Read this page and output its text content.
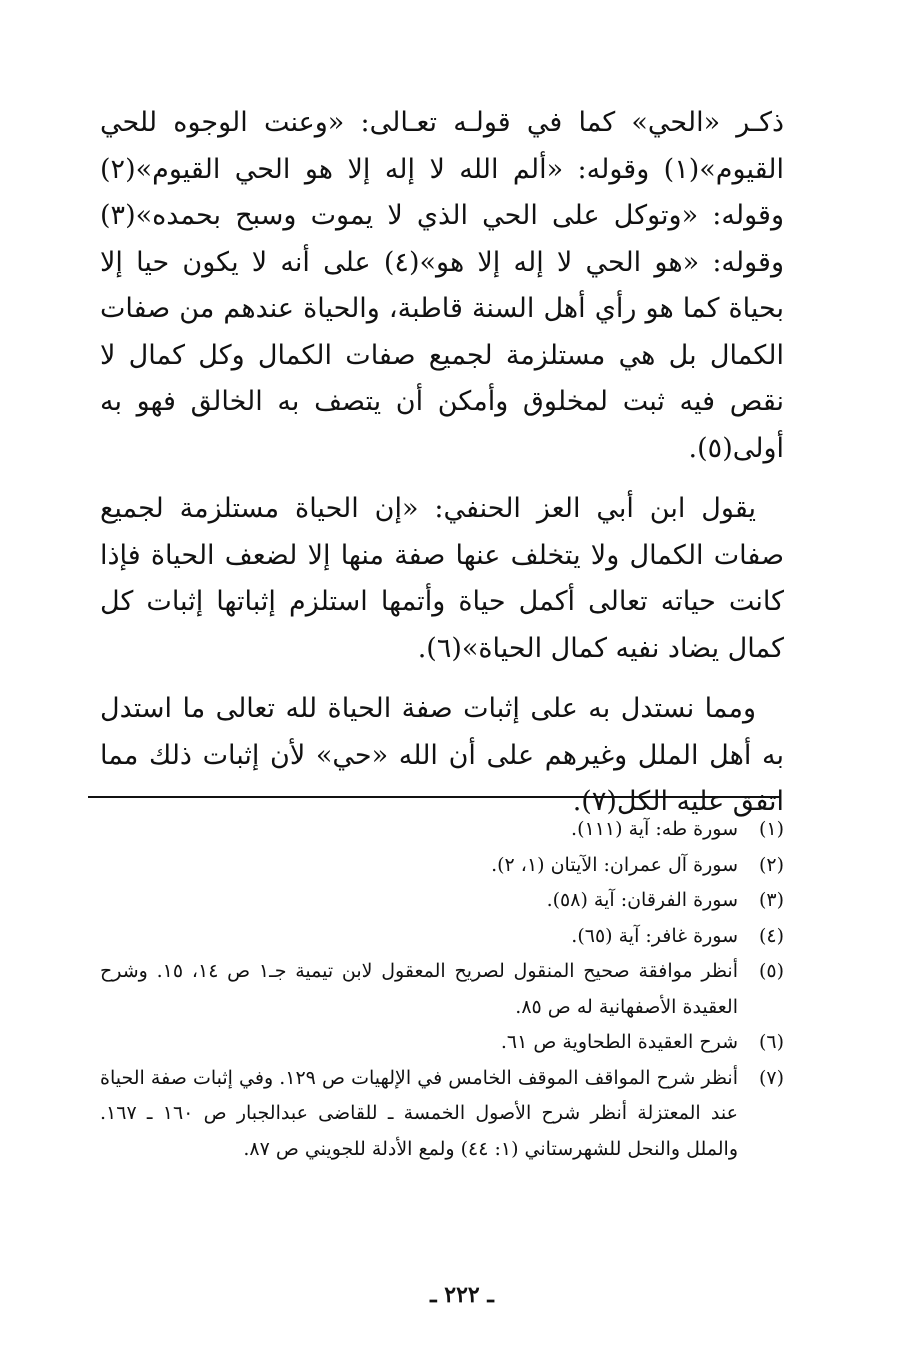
ذكـر «الحي» كما في قولـه تعـالى: «وعنت الوجوه للحي القيوم»(١) وقوله: «ألم الله لا إله إلا هو الحي القيوم»(٢) وقوله: «وتوكل على الحي الذي لا يموت وسبح بحمده»(٣) وقوله: «هو الحي لا إله إلا هو»(٤) على أنه لا يكون حيا إلا بحياة كما هو رأي أهل السنة قاطبة، والحياة عندهم من صفات الكمال بل هي مستلزمة لجميع صفات الكمال وكل كمال لا نقص فيه ثبت لمخلوق وأمكن أن يتصف به الخالق فهو به أولى(٥).

يقول ابن أبي العز الحنفي: «إن الحياة مستلزمة لجميع صفات الكمال ولا يتخلف عنها صفة منها إلا لضعف الحياة فإذا كانت حياته تعالى أكمل حياة وأتمها استلزم إثباتها إثبات كل كمال يضاد نفيه كمال الحياة»(٦).

ومما نستدل به على إثبات صفة الحياة لله تعالى ما استدل به أهل الملل وغيرهم على أن الله «حي» لأن إثبات ذلك مما اتفق عليه الكل(٧).

(١)
سورة طه: آية (١١١).
(٢)
سورة آل عمران: الآيتان (١، ٢).
(٣)
سورة الفرقان: آية (٥٨).
(٤)
سورة غافر: آية (٦٥).
(٥)
أنظر موافقة صحيح المنقول لصريح المعقول لابن تيمية جـ١ ص ١٤، ١٥. وشرح العقيدة الأصفهانية له ص ٨٥.
(٦)
شرح العقيدة الطحاوية ص ٦١.
(٧)
أنظر شرح المواقف الموقف الخامس في الإلهيات ص ١٢٩. وفي إثبات صفة الحياة عند المعتزلة أنظر شرح الأصول الخمسة ـ للقاضى عبدالجبار ص ١٦٠ ـ ١٦٧. والملل والنحل للشهرستاني (١: ٤٤) ولمع الأدلة للجويني ص ٨٧.
ـ ٢٢٢ ـ
